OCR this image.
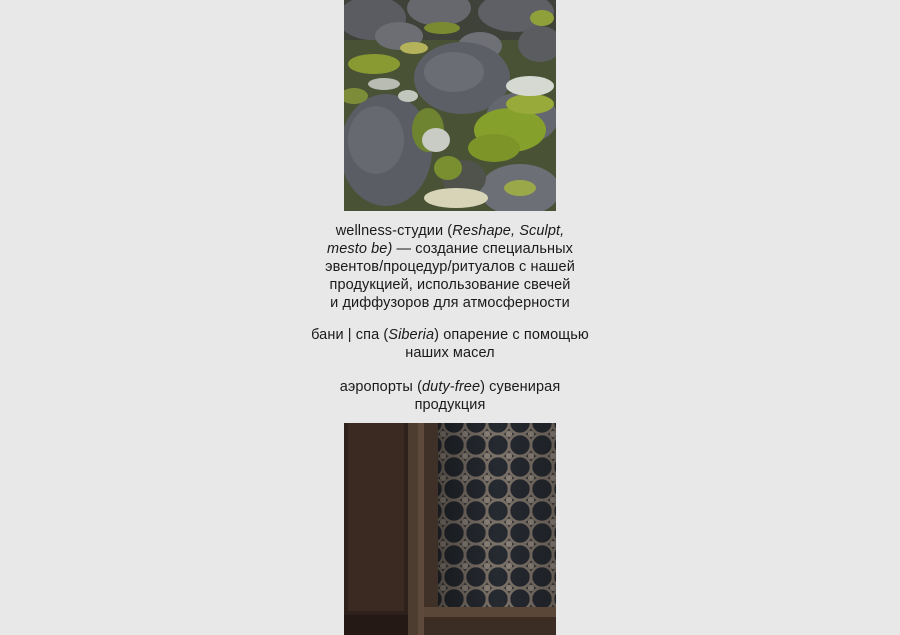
wellness-студии (Reshape, Sculpt,
mesto be) — создание специальных
эвентов/процедур/ритуалов с нашей
продукцией, использование свечей
и диффузоров для атмосферности
бани | спа (Siberia) опарение с помощью
наших масел
аэропорты (duty-free) сувенирая
продукция
